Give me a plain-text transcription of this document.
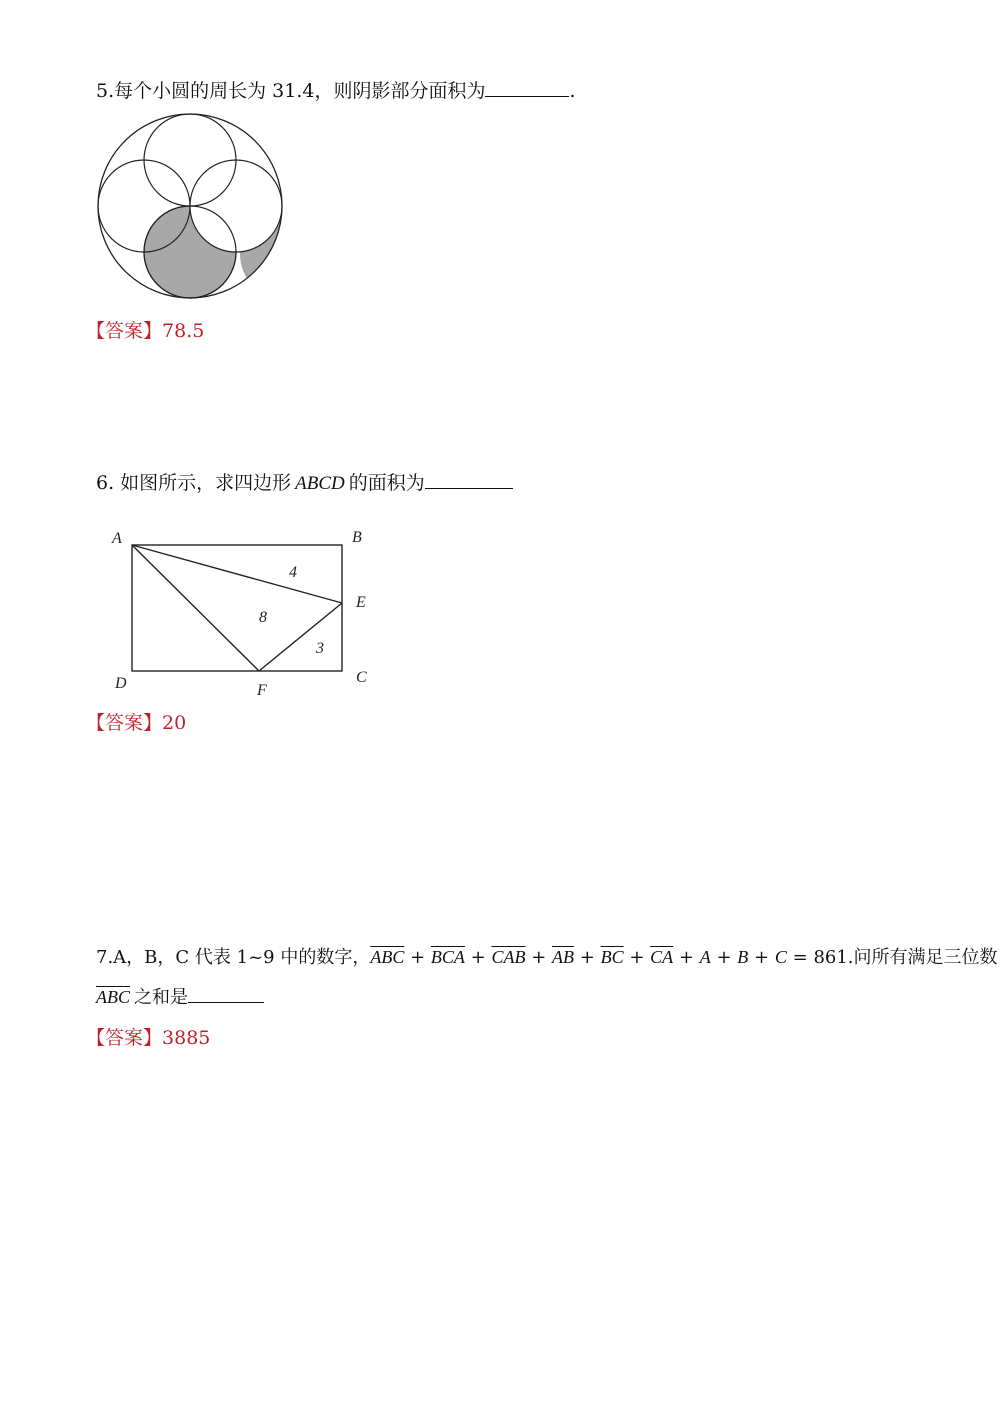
5.每个小圆的周长为 31.4，则阴影部分面积为	.
【答案】78.5
6. 如图所示，求四边形 ABCD 的面积为
A	B
C
D
E
F
4
8
3
【答案】20
7.A，B，C 代表 1~9 中的数字，$\overline{ABC} + \overline{BCA} + \overline{CAB} + \overline{AB} + \overline{BC} + \overline{CA} + A + B + C = 861$.问所有满足三位数
$\overline{ABC}$ 之和是
【答案】3885
